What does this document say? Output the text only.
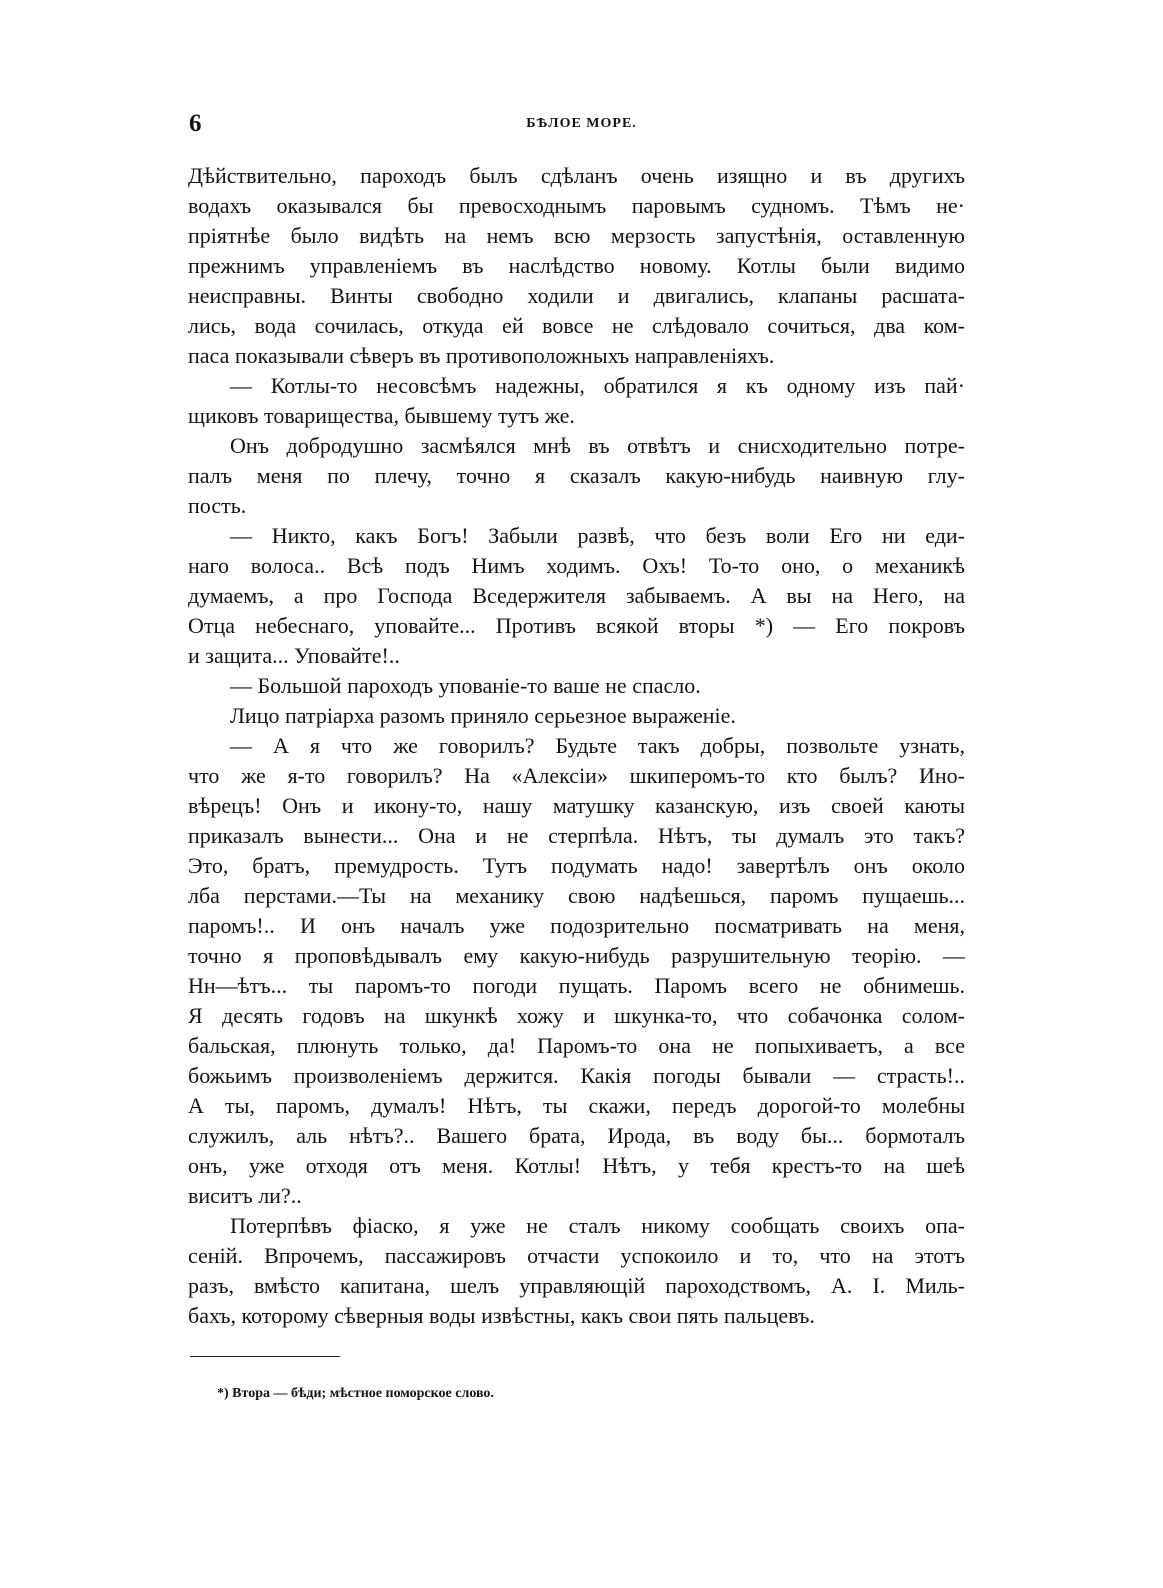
6	БѢЛОЕ МОРЕ.
Дѣйствительно, пароходъ былъ сдѣланъ очень изящно и въ другихъ
водахъ оказывался бы превосходнымъ паровымъ судномъ. Тѣмъ не·
пріятнѣе было видѣть на немъ всю мерзость запустѣнія, оставленную
прежнимъ управленіемъ въ наслѣдство новому. Котлы были видимо
неисправны. Винты свободно ходили и двигались, клапаны расшата-
лись, вода сочилась, откуда ей вовсе не слѣдовало сочиться, два ком-
паса показывали сѣверъ въ противоположныхъ направленіяхъ.
— Котлы-то несовсѣмъ надежны, обратился я къ одному изъ пай·
щиковъ товарищества, бывшему тутъ же.
Онъ добродушно засмѣялся мнѣ въ отвѣтъ и снисходительно потре-
палъ меня по плечу, точно я сказалъ какую-нибудь наивную глу-
пость.
— Никто, какъ Богъ! Забыли развѣ, что безъ воли Его ни еди-
наго волоса.. Всѣ подъ Нимъ ходимъ. Охъ! То-то оно, о механикѣ
думаемъ, а про Господа Вседержителя забываемъ. А вы на Него, на
Отца небеснаго, уповайте... Противъ всякой вторы *) — Его покровъ
и защита... Уповайте!..
— Большой пароходъ упованіе-то ваше не спасло.
Лицо патріарха разомъ приняло серьезное выраженіе.
— А я что же говорилъ? Будьте такъ добры, позвольте узнать,
что же я-то говорилъ? На «Алексіи» шкиперомъ-то кто былъ? Ино-
вѣрецъ! Онъ и икону-то, нашу матушку казанскую, изъ своей каюты
приказалъ вынести... Она и не стерпѣла. Нѣтъ, ты думалъ это такъ?
Это, братъ, премудрость. Тутъ подумать надо! завертѣлъ онъ около
лба перстами.—Ты на механику свою надѣешься, паромъ пущаешь...
паромъ!.. И онъ началъ уже подозрительно посматривать на меня,
точно я проповѣдывалъ ему какую-нибудь разрушительную теорію. —
Нн—ѣтъ... ты паромъ-то погоди пущать. Паромъ всего не обнимешь.
Я десять годовъ на шкункѣ хожу и шкунка-то, что собачонка солом-
бальская, плюнуть только, да! Паромъ-то она не попыхиваетъ, а все
божьимъ произволеніемъ держится. Какія погоды бывали — страсть!..
А ты, паромъ, думалъ! Нѣтъ, ты скажи, передъ дорогой-то молебны
служилъ, аль нѣтъ?.. Вашего брата, Ирода, въ воду бы... бормоталъ
онъ, уже отходя отъ меня. Котлы! Нѣтъ, у тебя крестъ-то на шеѣ
виситъ ли?..
Потерпѣвъ фіаско, я уже не сталъ никому сообщать своихъ опа-
сеній. Впрочемъ, пассажировъ отчасти успокоило и то, что на этотъ
разъ, вмѣсто капитана, шелъ управляющій пароходствомъ, А. І. Миль-
бахъ, которому сѣверныя воды извѣстны, какъ свои пять пальцевъ.
*) Втора — бѣди; мѣстное поморское слово.
